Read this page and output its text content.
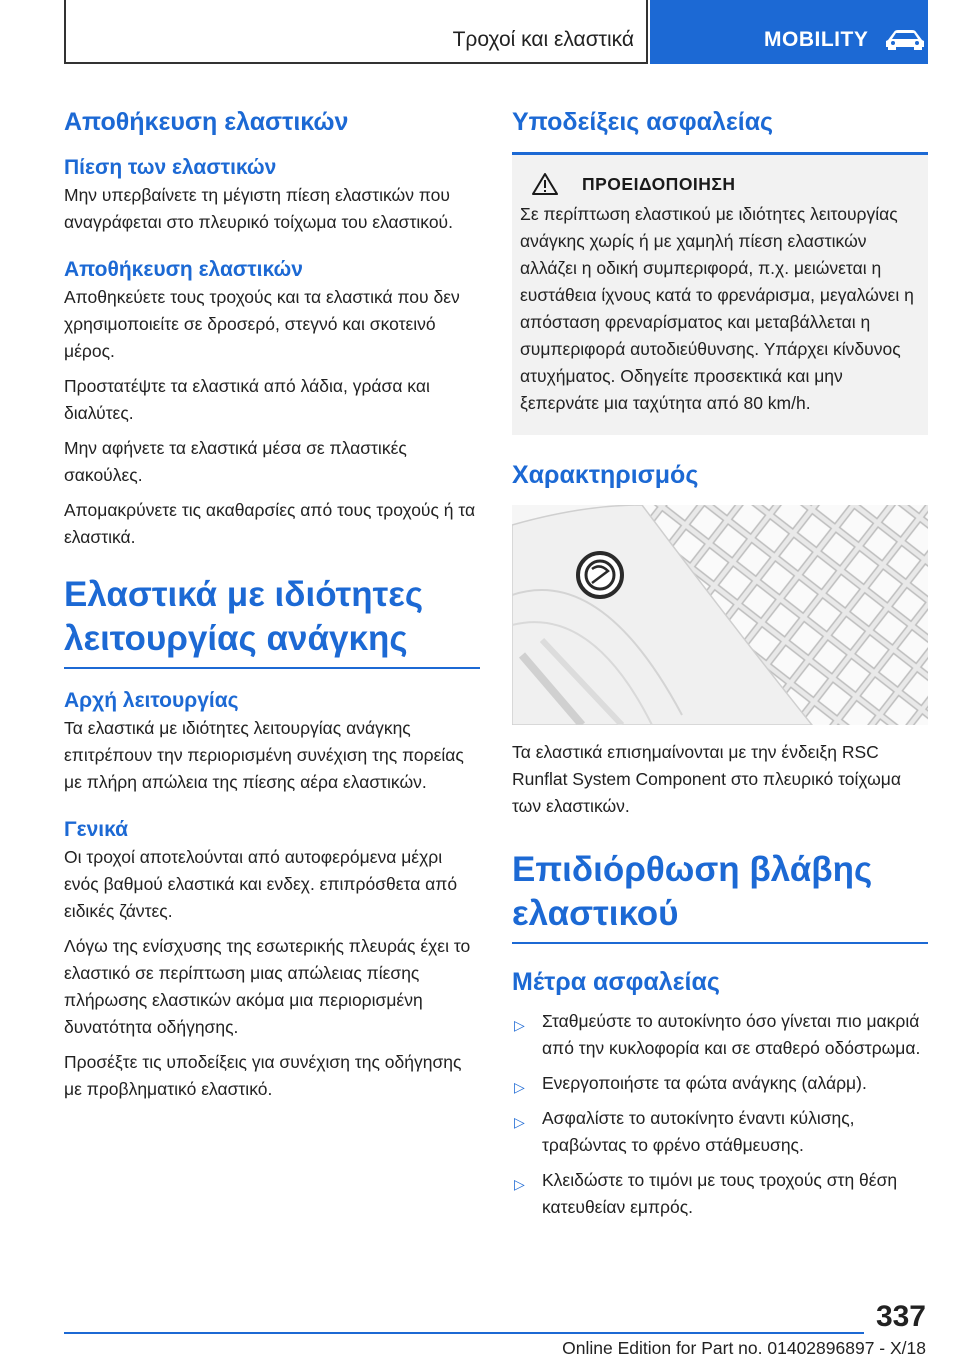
Τροχοί και ελαστικά	MOBILITY
Αποθήκευση ελαστικών
Πίεση των ελαστικών

Μην υπερβαίνετε τη μέγιστη πίεση ελαστικών που αναγράφεται στο πλευρικό τοίχωμα του ελαστικού.

Αποθήκευση ελαστικών

Αποθηκεύετε τους τροχούς και τα ελαστικά που δεν χρησιμοποιείτε σε δροσερό, στεγνό και σκοτεινό μέρος.

Προστατέψτε τα ελαστικά από λάδια, γράσα και διαλύτες.

Μην αφήνετε τα ελαστικά μέσα σε πλαστικές σακούλες.

Απομακρύνετε τις ακαθαρσίες από τους τροχούς ή τα ελαστικά.

Ελαστικά με ιδιότητες λειτουργίας ανάγκης
Αρχή λειτουργίας

Τα ελαστικά με ιδιότητες λειτουργίας ανάγκης επιτρέπουν την περιορισμένη συνέχιση της πορείας με πλήρη απώλεια της πίεσης αέρα ελαστικών.

Γενικά

Οι τροχοί αποτελούνται από αυτοφερόμενα μέχρι ενός βαθμού ελαστικά και ενδεχ. επιπρόσθετα από ειδικές ζάντες.

Λόγω της ενίσχυσης της εσωτερικής πλευράς έχει το ελαστικό σε περίπτωση μιας απώλειας πίεσης πλήρωσης ελαστικών ακόμα μια περιορισμένη δυνατότητα οδήγησης.

Προσέξτε τις υποδείξεις για συνέχιση της οδήγησης με προβληματικό ελαστικό.

Υποδείξεις ασφαλείας
ΠΡΟΕΙΔΟΠΟΙΗΣΗ

Σε περίπτωση ελαστικού με ιδιότητες λειτουργίας ανάγκης χωρίς ή με χαμηλή πίεση ελαστικών αλλάζει η οδική συμπεριφορά, π.χ. μειώνεται η ευστάθεια ίχνους κατά το φρενάρισμα, μεγαλώνει η απόσταση φρεναρίσματος και μεταβάλλεται η συμπεριφορά αυτοδιεύθυνσης. Υπάρχει κίνδυνος ατυχήματος. Οδηγείτε προσεκτικά και μην ξεπερνάτε μια ταχύτητα από 80 km/h.

Χαρακτηρισμός

Τα ελαστικά επισημαίνονται με την ένδειξη RSC Runflat System Component στο πλευρικό τοίχωμα των ελαστικών.

Επιδιόρθωση βλάβης ελαστικού
Μέτρα ασφαλείας
▷ Σταθμεύστε το αυτοκίνητο όσο γίνεται πιο μακριά από την κυκλοφορία και σε σταθερό οδόστρωμα.
▷ Ενεργοποιήστε τα φώτα ανάγκης (αλάρμ).
▷ Ασφαλίστε το αυτοκίνητο έναντι κύλισης, τραβώντας το φρένο στάθμευσης.
▷ Κλειδώστε το τιμόνι με τους τροχούς στη θέση κατευθείαν εμπρός.
337
Online Edition for Part no. 01402896897 - X/18
